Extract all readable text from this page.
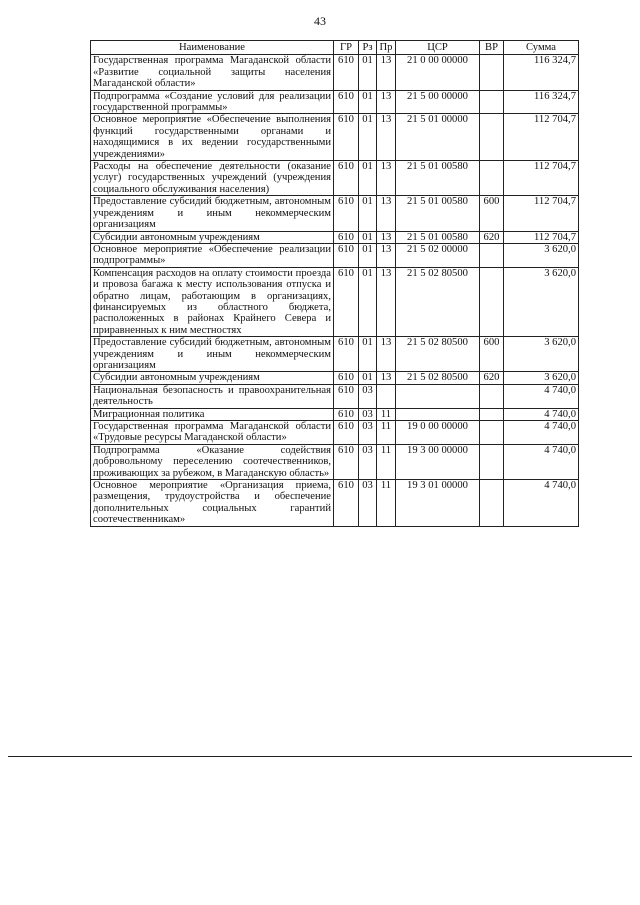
43
Наименование	ГР	Рз	Пр	ЦСР	ВР	Сумма
Государственная программа Магаданской области «Развитие социальной защиты населения Магаданской области»	610	01	13	21 0 00 00000		116 324,7
Подпрограмма «Создание условий для реализации государственной программы»	610	01	13	21 5 00 00000		116 324,7
Основное мероприятие «Обеспечение выполнения функций государственными органами и находящимися в их ведении государственными учреждениями»	610	01	13	21 5 01 00000		112 704,7
Расходы на обеспечение деятельности (оказание услуг) государственных учреждений (учреждения социального обслуживания населения)	610	01	13	21 5 01 00580		112 704,7
Предоставление субсидий бюджетным, автономным учреждениям и иным некоммерческим организациям	610	01	13	21 5 01 00580	600	112 704,7
Субсидии автономным учреждениям	610	01	13	21 5 01 00580	620	112 704,7
Основное мероприятие «Обеспечение реализации подпрограммы»	610	01	13	21 5 02 00000		3 620,0
Компенсация расходов на оплату стоимости проезда и провоза багажа к месту использования отпуска и обратно лицам, работающим в организациях, финансируемых из областного бюджета, расположенных в районах Крайнего Севера и приравненных к ним местностях	610	01	13	21 5 02 80500		3 620,0
Предоставление субсидий бюджетным, автономным учреждениям и иным некоммерческим организациям	610	01	13	21 5 02 80500	600	3 620,0
Субсидии автономным учреждениям	610	01	13	21 5 02 80500	620	3 620,0
Национальная безопасность и правоохранительная деятельность	610	03				4 740,0
Миграционная политика	610	03	11			4 740,0
Государственная программа Магаданской области «Трудовые ресурсы Магаданской области»	610	03	11	19 0 00 00000		4 740,0
Подпрограмма «Оказание содействия добровольному переселению соотечественников, проживающих за рубежом, в Магаданскую область»	610	03	11	19 3 00 00000		4 740,0
Основное мероприятие «Организация приема, размещения, трудоустройства и обеспечение дополнительных социальных гарантий соотечественникам»	610	03	11	19 3 01 00000		4 740,0
